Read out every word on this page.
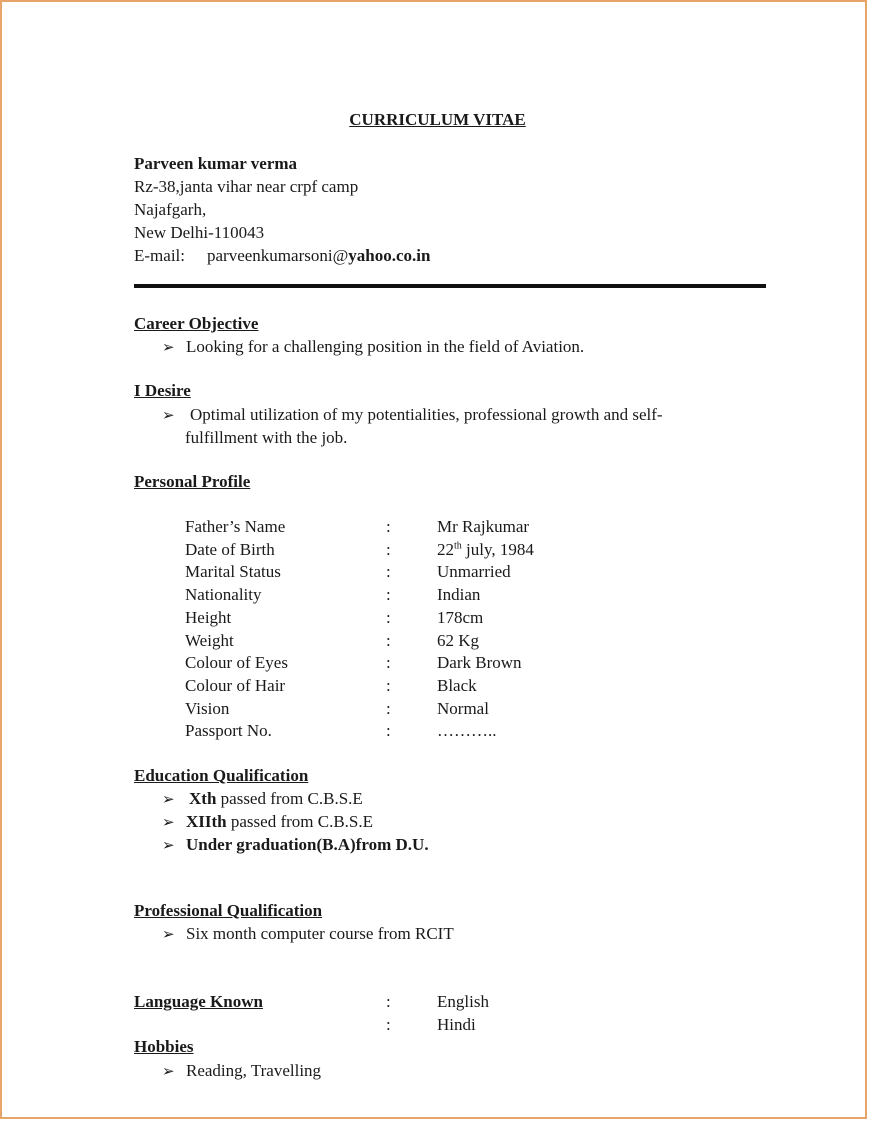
CURRICULUM VITAE
Parveen kumar verma
Rz-38,janta vihar near crpf camp
Najafgarh,
New Delhi-110043
E-mail: parveenkumarsoni@yahoo.co.in
Career Objective
➢ Looking for a challenging position in the field of Aviation.
I Desire
➢ Optimal utilization of my potentialities, professional growth and self-
fulfillment with the job.
Personal Profile
Father’s Name	:	Mr Rajkumar
Date of Birth	:	22th july, 1984
Marital Status	:	Unmarried
Nationality	:	Indian
Height	:	178cm
Weight	:	62 Kg
Colour of Eyes	:	Dark Brown
Colour of Hair	:	Black
Vision	:	Normal
Passport No.	:	………..
Education Qualification
➢ Xth passed from C.B.S.E
➢ XIIth passed from C.B.S.E
➢ Under graduation(B.A)from D.U.
Professional Qualification
➢ Six month computer course from RCIT
Language Known	:	English
:	Hindi
Hobbies
➢ Reading, Travelling
